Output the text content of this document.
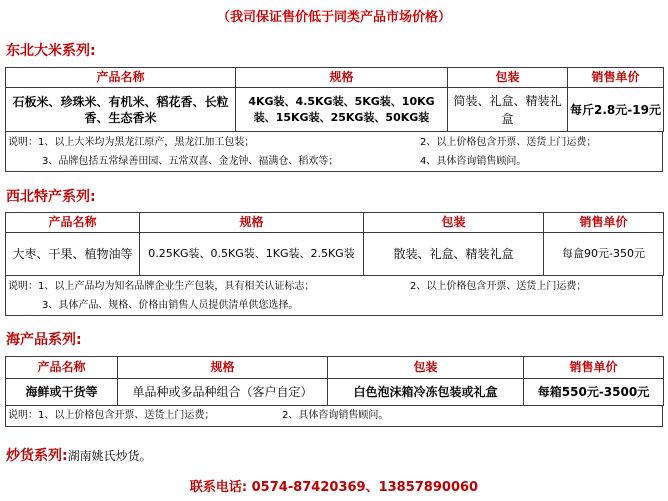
（我司保证售价低于同类产品市场价格）
东北大米系列:
产品名称	规格	包装	销售单价
石板米、珍珠米、有机米、稻花香、长粒香、生态香米	4KG装、4.5KG装、5KG装、10KG装、15KG装、25KG装、50KG装	简装、礼盒、精装礼盒	每斤2.8元-19元
说明：1、以上大米均为黑龙江原产，黑龙江加工包装；	2、以上价格包含开票、送货上门运费；
3、品牌包括五常绿善田园、五常双喜、金龙钟、福满仓、稻欢等；	4、具体咨询销售顾问。
西北特产系列:
产品名称	规格	包装	销售单价
大枣、干果、植物油等	0.25KG装、0.5KG装、1KG装、2.5KG装	散装、礼盒、精装礼盒	每盒90元-350元
说明：1、以上产品均为知名品牌企业生产包装，具有相关认证标志；	2、以上价格包含开票、送货上门运费；
3、具体产品、规格、价格由销售人员提供清单供您选择。
海产品系列:
产品名称	规格	包装	销售单价
海鲜或干货等	单品种或多品种组合（客户自定）	白色泡沫箱冷冻包装或礼盒	每箱550元-3500元
说明：1、以上价格包含开票、送货上门运费；	2、具体咨询销售顾问。
炒货系列:湖南姚氏炒货。
联系电话: 0574-87420369、13857890060
